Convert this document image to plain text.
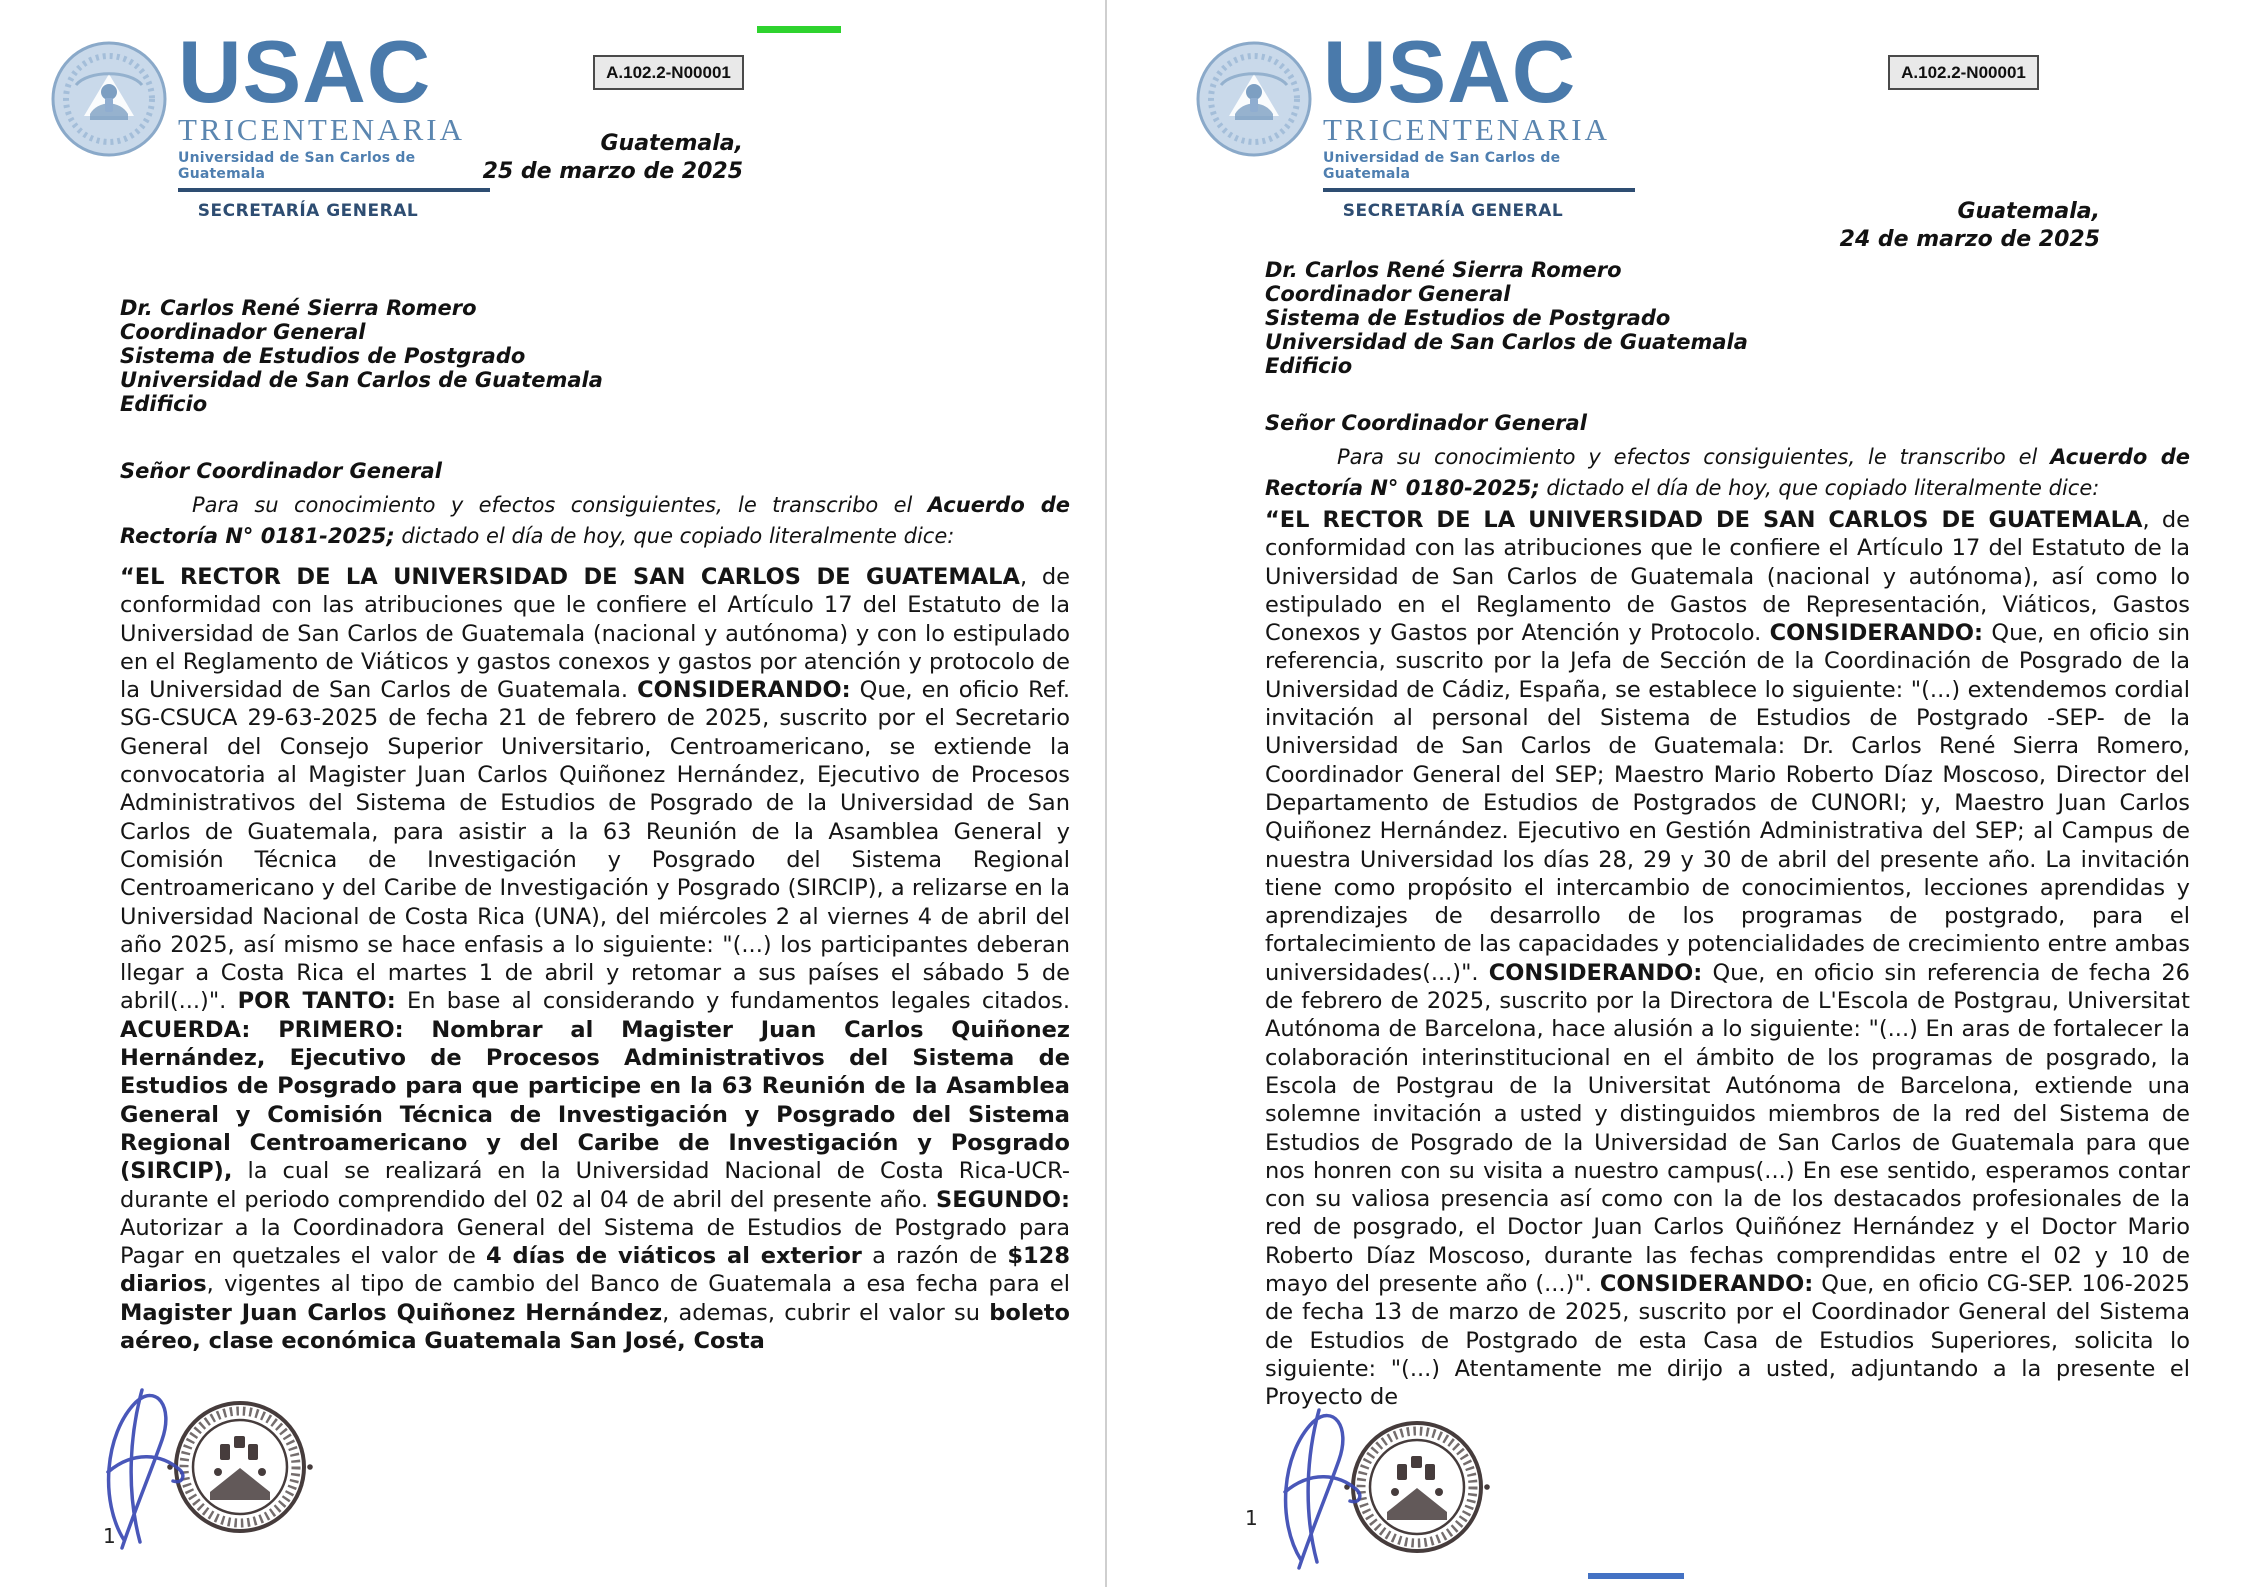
USAC
TRICENTENARIA
Universidad de San Carlos de Guatemala
SECRETARÍA GENERAL
A.102.2-N00001
Guatemala,
25 de marzo de 2025
Dr. Carlos René Sierra Romero
Coordinador General
Sistema de Estudios de Postgrado
Universidad de San Carlos de Guatemala
Edificio
Señor Coordinador General

Para su conocimiento y efectos consiguientes, le transcribo el Acuerdo de Rectoría N° 0181-2025; dictado el día de hoy, que copiado literalmente dice:

“EL RECTOR DE LA UNIVERSIDAD DE SAN CARLOS DE GUATEMALA, de conformidad con las atribuciones que le confiere el Artículo 17 del Estatuto de la Universidad de San Carlos de Guatemala (nacional y autónoma) y con lo estipulado en el Reglamento de Viáticos y gastos conexos y gastos por atención y protocolo de la Universidad de San Carlos de Guatemala. CONSIDERANDO: Que, en oficio Ref. SG-CSUCA 29-63-2025 de fecha 21 de febrero de 2025, suscrito por el Secretario General del Consejo Superior Universitario, Centroamericano, se extiende la convocatoria al Magister Juan Carlos Quiñonez Hernández, Ejecutivo de Procesos Administrativos del Sistema de Estudios de Posgrado de la Universidad de San Carlos de Guatemala, para asistir a la 63 Reunión de la Asamblea General y Comisión Técnica de Investigación y Posgrado del Sistema Regional Centroamericano y del Caribe de Investigación y Posgrado (SIRCIP), a relizarse en la Universidad Nacional de Costa Rica (UNA), del miércoles 2 al viernes 4 de abril del año 2025, así mismo se hace enfasis a lo siguiente: "(...) los participantes deberan llegar a Costa Rica el martes 1 de abril y retomar a sus países el sábado 5 de abril(...)". POR TANTO: En base al considerando y fundamentos legales citados. ACUERDA: PRIMERO: Nombrar al Magister Juan Carlos Quiñonez Hernández, Ejecutivo de Procesos Administrativos del Sistema de Estudios de Posgrado para que participe en la 63 Reunión de la Asamblea General y Comisión Técnica de Investigación y Posgrado del Sistema Regional Centroamericano y del Caribe de Investigación y Posgrado (SIRCIP), la cual se realizará en la Universidad Nacional de Costa Rica-UCR- durante el periodo comprendido del 02 al 04 de abril del presente año. SEGUNDO: Autorizar a la Coordinadora General del Sistema de Estudios de Postgrado para Pagar en quetzales el valor de 4 días de viáticos al exterior a razón de $128 diarios, vigentes al tipo de cambio del Banco de Guatemala a esa fecha para el Magister Juan Carlos Quiñonez Hernández, ademas, cubrir el valor su boleto aéreo, clase económica Guatemala San José, Costa

1
USAC
TRICENTENARIA
Universidad de San Carlos de Guatemala
SECRETARÍA GENERAL
A.102.2-N00001
Guatemala,
24 de marzo de 2025
Dr. Carlos René Sierra Romero
Coordinador General
Sistema de Estudios de Postgrado
Universidad de San Carlos de Guatemala
Edificio
Señor Coordinador General

Para su conocimiento y efectos consiguientes, le transcribo el Acuerdo de Rectoría N° 0180-2025; dictado el día de hoy, que copiado literalmente dice:

“EL RECTOR DE LA UNIVERSIDAD DE SAN CARLOS DE GUATEMALA, de conformidad con las atribuciones que le confiere el Artículo 17 del Estatuto de la Universidad de San Carlos de Guatemala (nacional y autónoma), así como lo estipulado en el Reglamento de Gastos de Representación, Viáticos, Gastos Conexos y Gastos por Atención y Protocolo. CONSIDERANDO: Que, en oficio sin referencia, suscrito por la Jefa de Sección de la Coordinación de Posgrado de la Universidad de Cádiz, España, se establece lo siguiente: "(...) extendemos cordial invitación al personal del Sistema de Estudios de Postgrado -SEP- de la Universidad de San Carlos de Guatemala: Dr. Carlos René Sierra Romero, Coordinador General del SEP; Maestro Mario Roberto Díaz Moscoso, Director del Departamento de Estudios de Postgrados de CUNORI; y, Maestro Juan Carlos Quiñonez Hernández. Ejecutivo en Gestión Administrativa del SEP; al Campus de nuestra Universidad los días 28, 29 y 30 de abril del presente año. La invitación tiene como propósito el intercambio de conocimientos, lecciones aprendidas y aprendizajes de desarrollo de los programas de postgrado, para el fortalecimiento de las capacidades y potencialidades de crecimiento entre ambas universidades(...)". CONSIDERANDO: Que, en oficio sin referencia de fecha 26 de febrero de 2025, suscrito por la Directora de L'Escola de Postgrau, Universitat Autónoma de Barcelona, hace alusión a lo siguiente: "(...) En aras de fortalecer la colaboración interinstitucional en el ámbito de los programas de posgrado, la Escola de Postgrau de la Universitat Autónoma de Barcelona, extiende una solemne invitación a usted y distinguidos miembros de la red del Sistema de Estudios de Posgrado de la Universidad de San Carlos de Guatemala para que nos honren con su visita a nuestro campus(...) En ese sentido, esperamos contar con su valiosa presencia así como con la de los destacados profesionales de la red de posgrado, el Doctor Juan Carlos Quiñónez Hernández y el Doctor Mario Roberto Díaz Moscoso, durante las fechas comprendidas entre el 02 y 10 de mayo del presente año (...)". CONSIDERANDO: Que, en oficio CG-SEP. 106-2025 de fecha 13 de marzo de 2025, suscrito por el Coordinador General del Sistema de Estudios de Postgrado de esta Casa de Estudios Superiores, solicita lo siguiente: "(...) Atentamente me dirijo a usted, adjuntando a la presente el Proyecto de

1
